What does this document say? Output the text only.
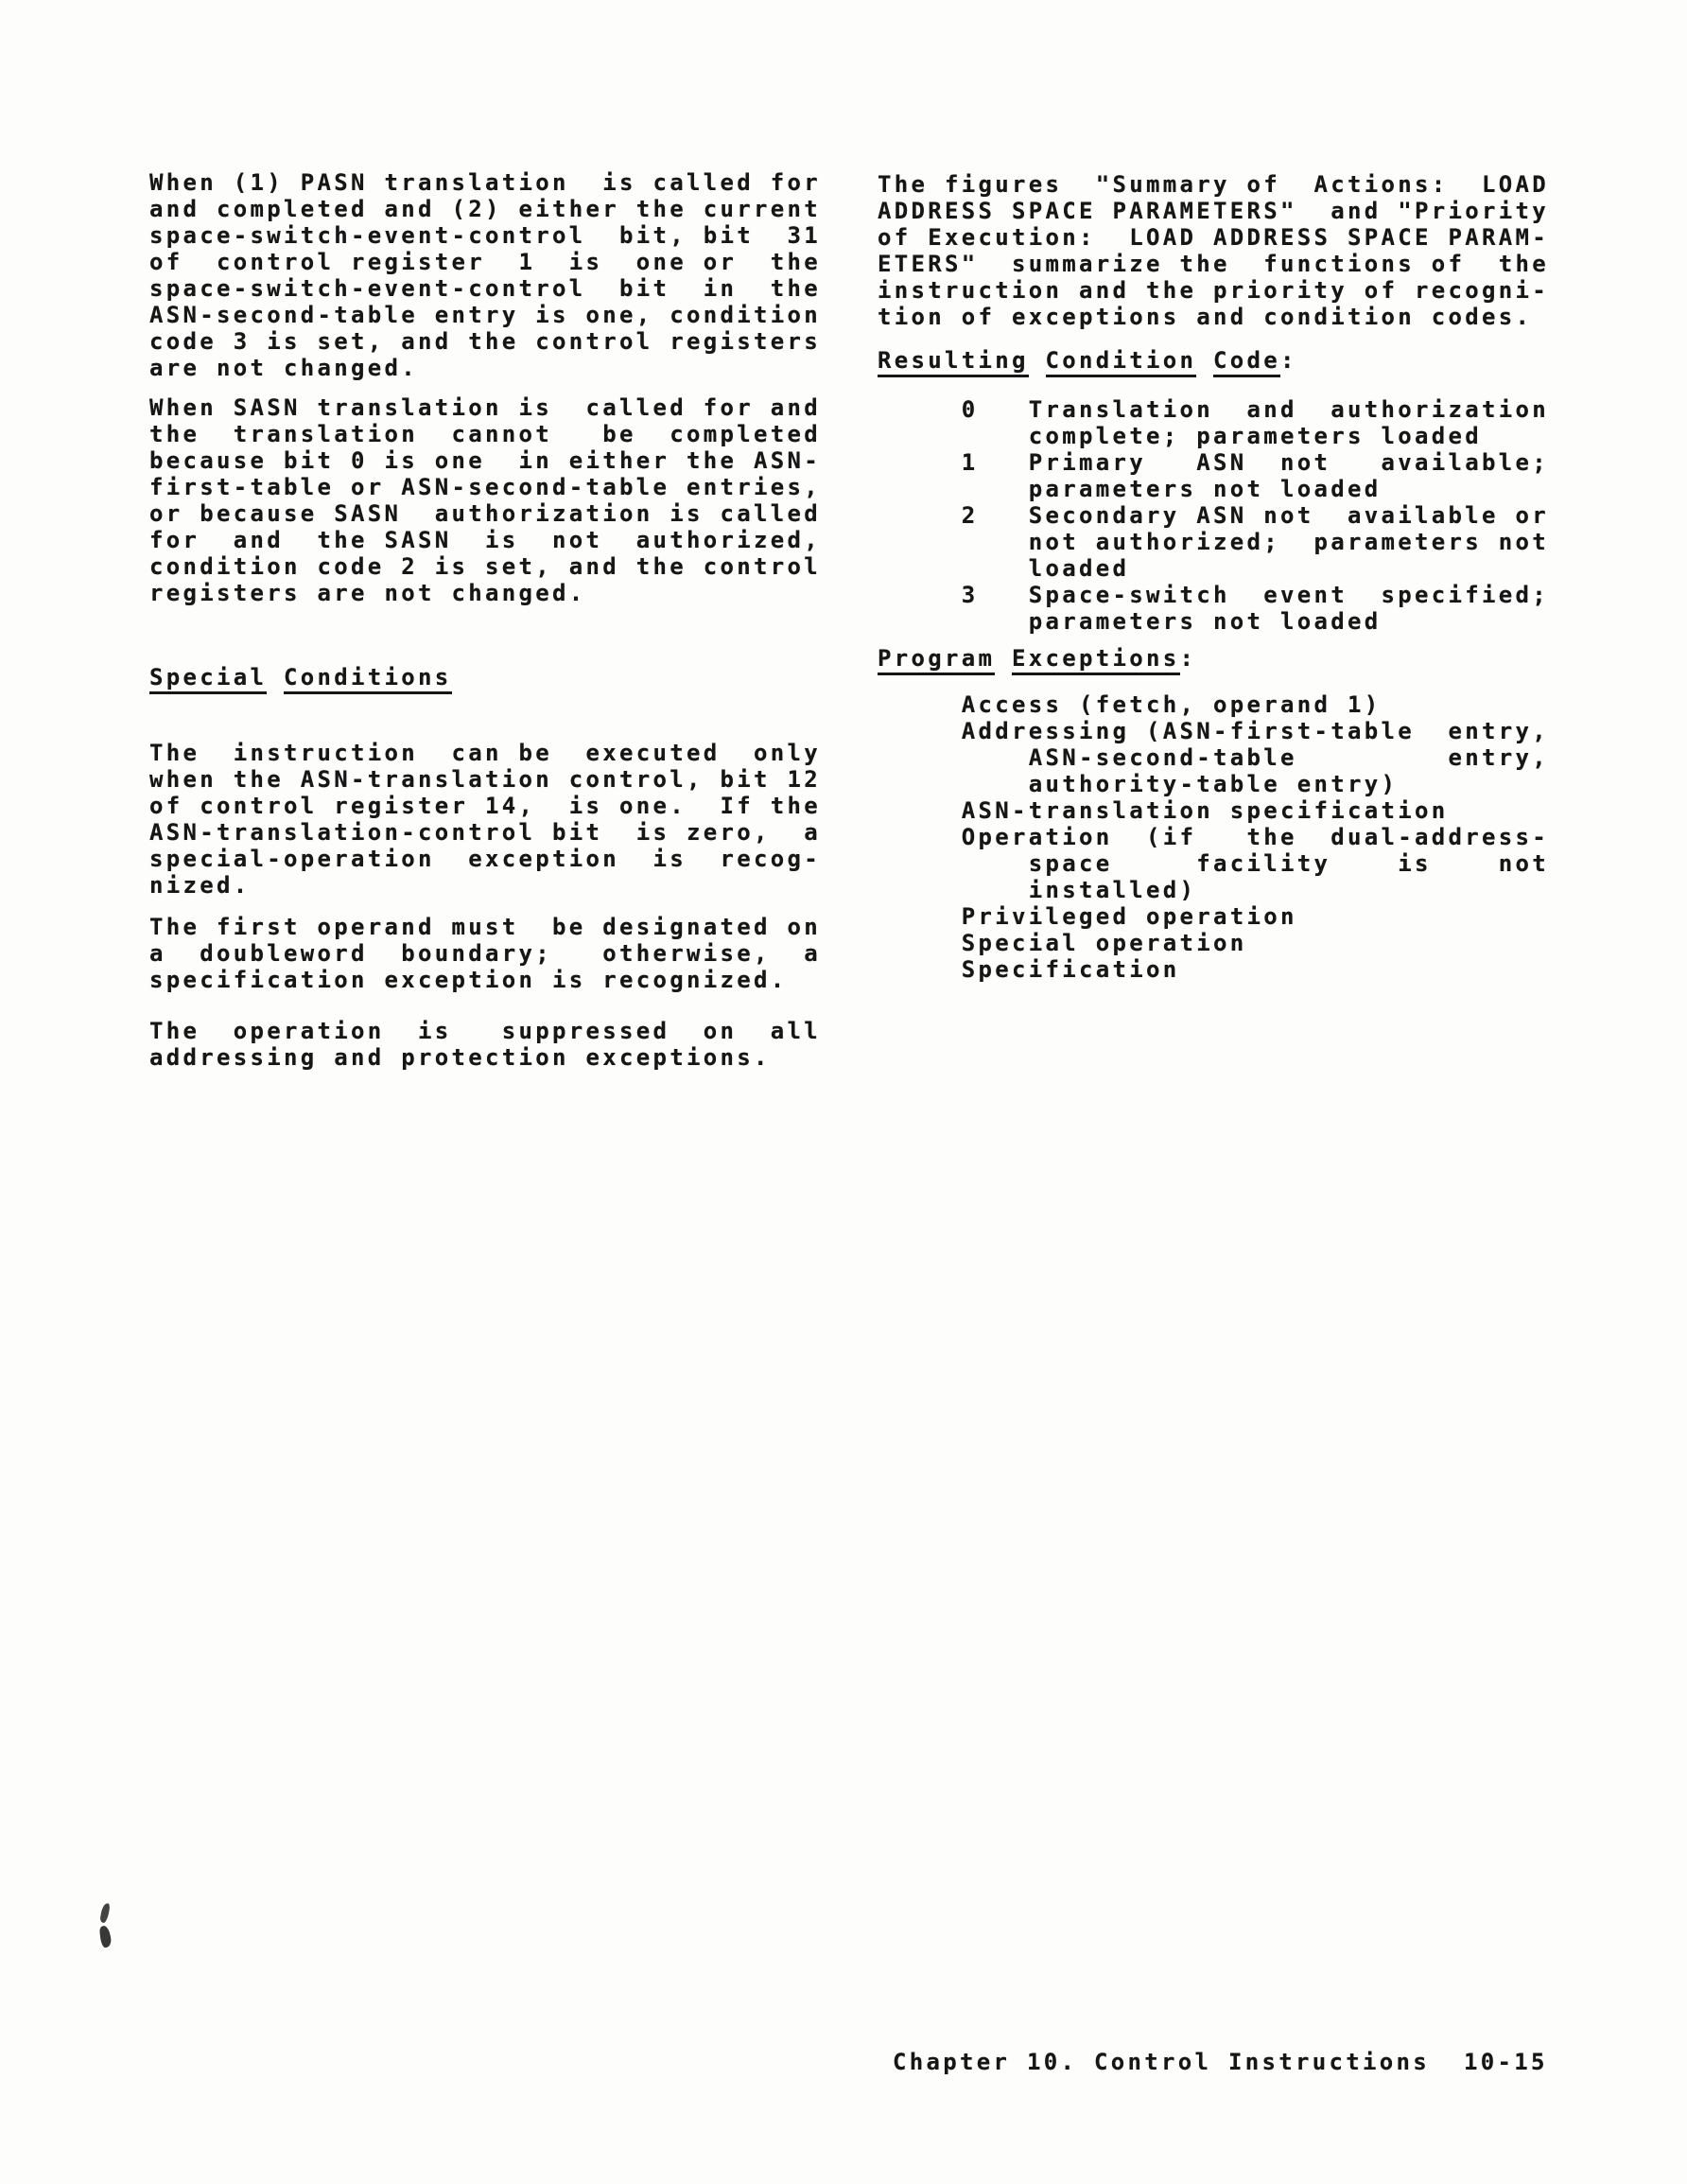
When (1) PASN translation  is called for
and completed and (2) either the current
space-switch-event-control  bit, bit  31
of  control register  1  is  one or  the
space-switch-event-control  bit  in  the
ASN-second-table entry is one, condition
code 3 is set, and the control registers
are not changed.
When SASN translation is  called for and
the  translation  cannot   be  completed
because bit 0 is one  in either the ASN-
first-table or ASN-second-table entries,
or because SASN  authorization is called
for  and  the SASN  is  not  authorized,
condition code 2 is set, and the control
registers are not changed.
Special Conditions
The  instruction  can be  executed  only
when the ASN-translation control, bit 12
of control register 14,  is one.  If the
ASN-translation-control bit  is zero,  a
special-operation  exception  is  recog-
nized.
The first operand must  be designated on
a  doubleword  boundary;   otherwise,  a
specification exception is recognized.
The  operation  is   suppressed  on  all
addressing and protection exceptions.
The figures  "Summary of  Actions:  LOAD
ADDRESS SPACE PARAMETERS"  and "Priority
of Execution:  LOAD ADDRESS SPACE PARAM-
ETERS"  summarize the  functions of  the
instruction and the priority of recogni-
tion of exceptions and condition codes.
Resulting Condition Code:
0   Translation  and  authorization
complete; parameters loaded
1   Primary   ASN  not   available;
parameters not loaded
2   Secondary ASN not  available or
not authorized;  parameters not
loaded
3   Space-switch  event  specified;
parameters not loaded
Program Exceptions:
Access (fetch, operand 1)
Addressing (ASN-first-table  entry,
ASN-second-table         entry,
authority-table entry)
ASN-translation specification
Operation  (if   the  dual-address-
space     facility    is    not
installed)
Privileged operation
Special operation
Specification
Chapter 10. Control Instructions 10-15
